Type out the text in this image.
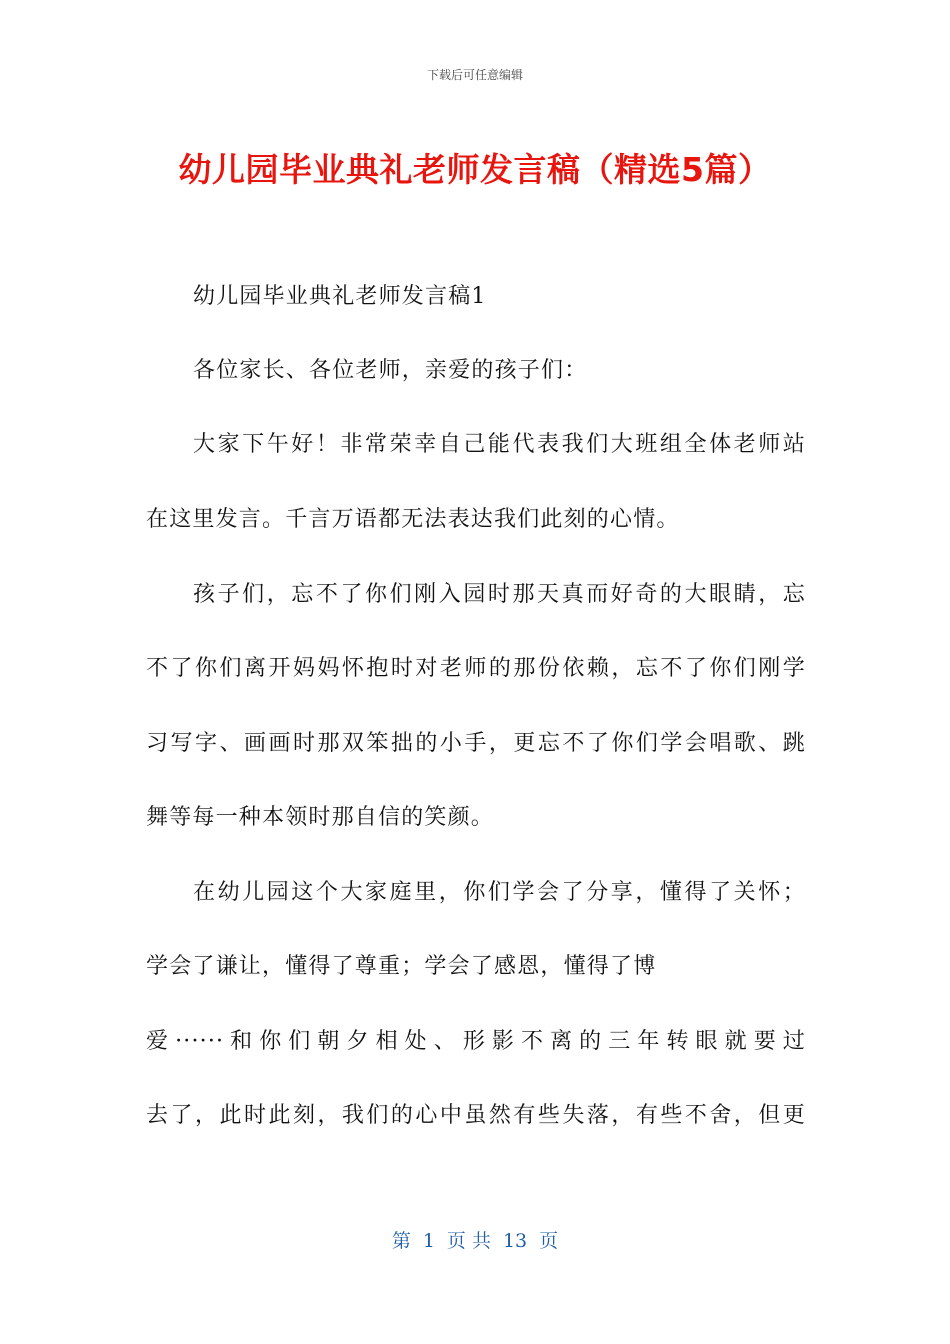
下载后可任意编辑
幼儿园毕业典礼老师发言稿（精选5篇）
幼儿园毕业典礼老师发言稿1
各位家长、各位老师，亲爱的孩子们：
大家下午好！非常荣幸自己能代表我们大班组全体老师站
在这里发言。千言万语都无法表达我们此刻的心情。
孩子们，忘不了你们刚入园时那天真而好奇的大眼睛，忘
不了你们离开妈妈怀抱时对老师的那份依赖，忘不了你们刚学
习写字、画画时那双笨拙的小手，更忘不了你们学会唱歌、跳
舞等每一种本领时那自信的笑颜。
在幼儿园这个大家庭里，你们学会了分享，懂得了关怀；
学会了谦让，懂得了尊重；学会了感恩，懂得了博
爱······和你们朝夕相处、形影不离的三年转眼就要过
去了，此时此刻，我们的心中虽然有些失落，有些不舍，但更
第 1 页 共 13 页
